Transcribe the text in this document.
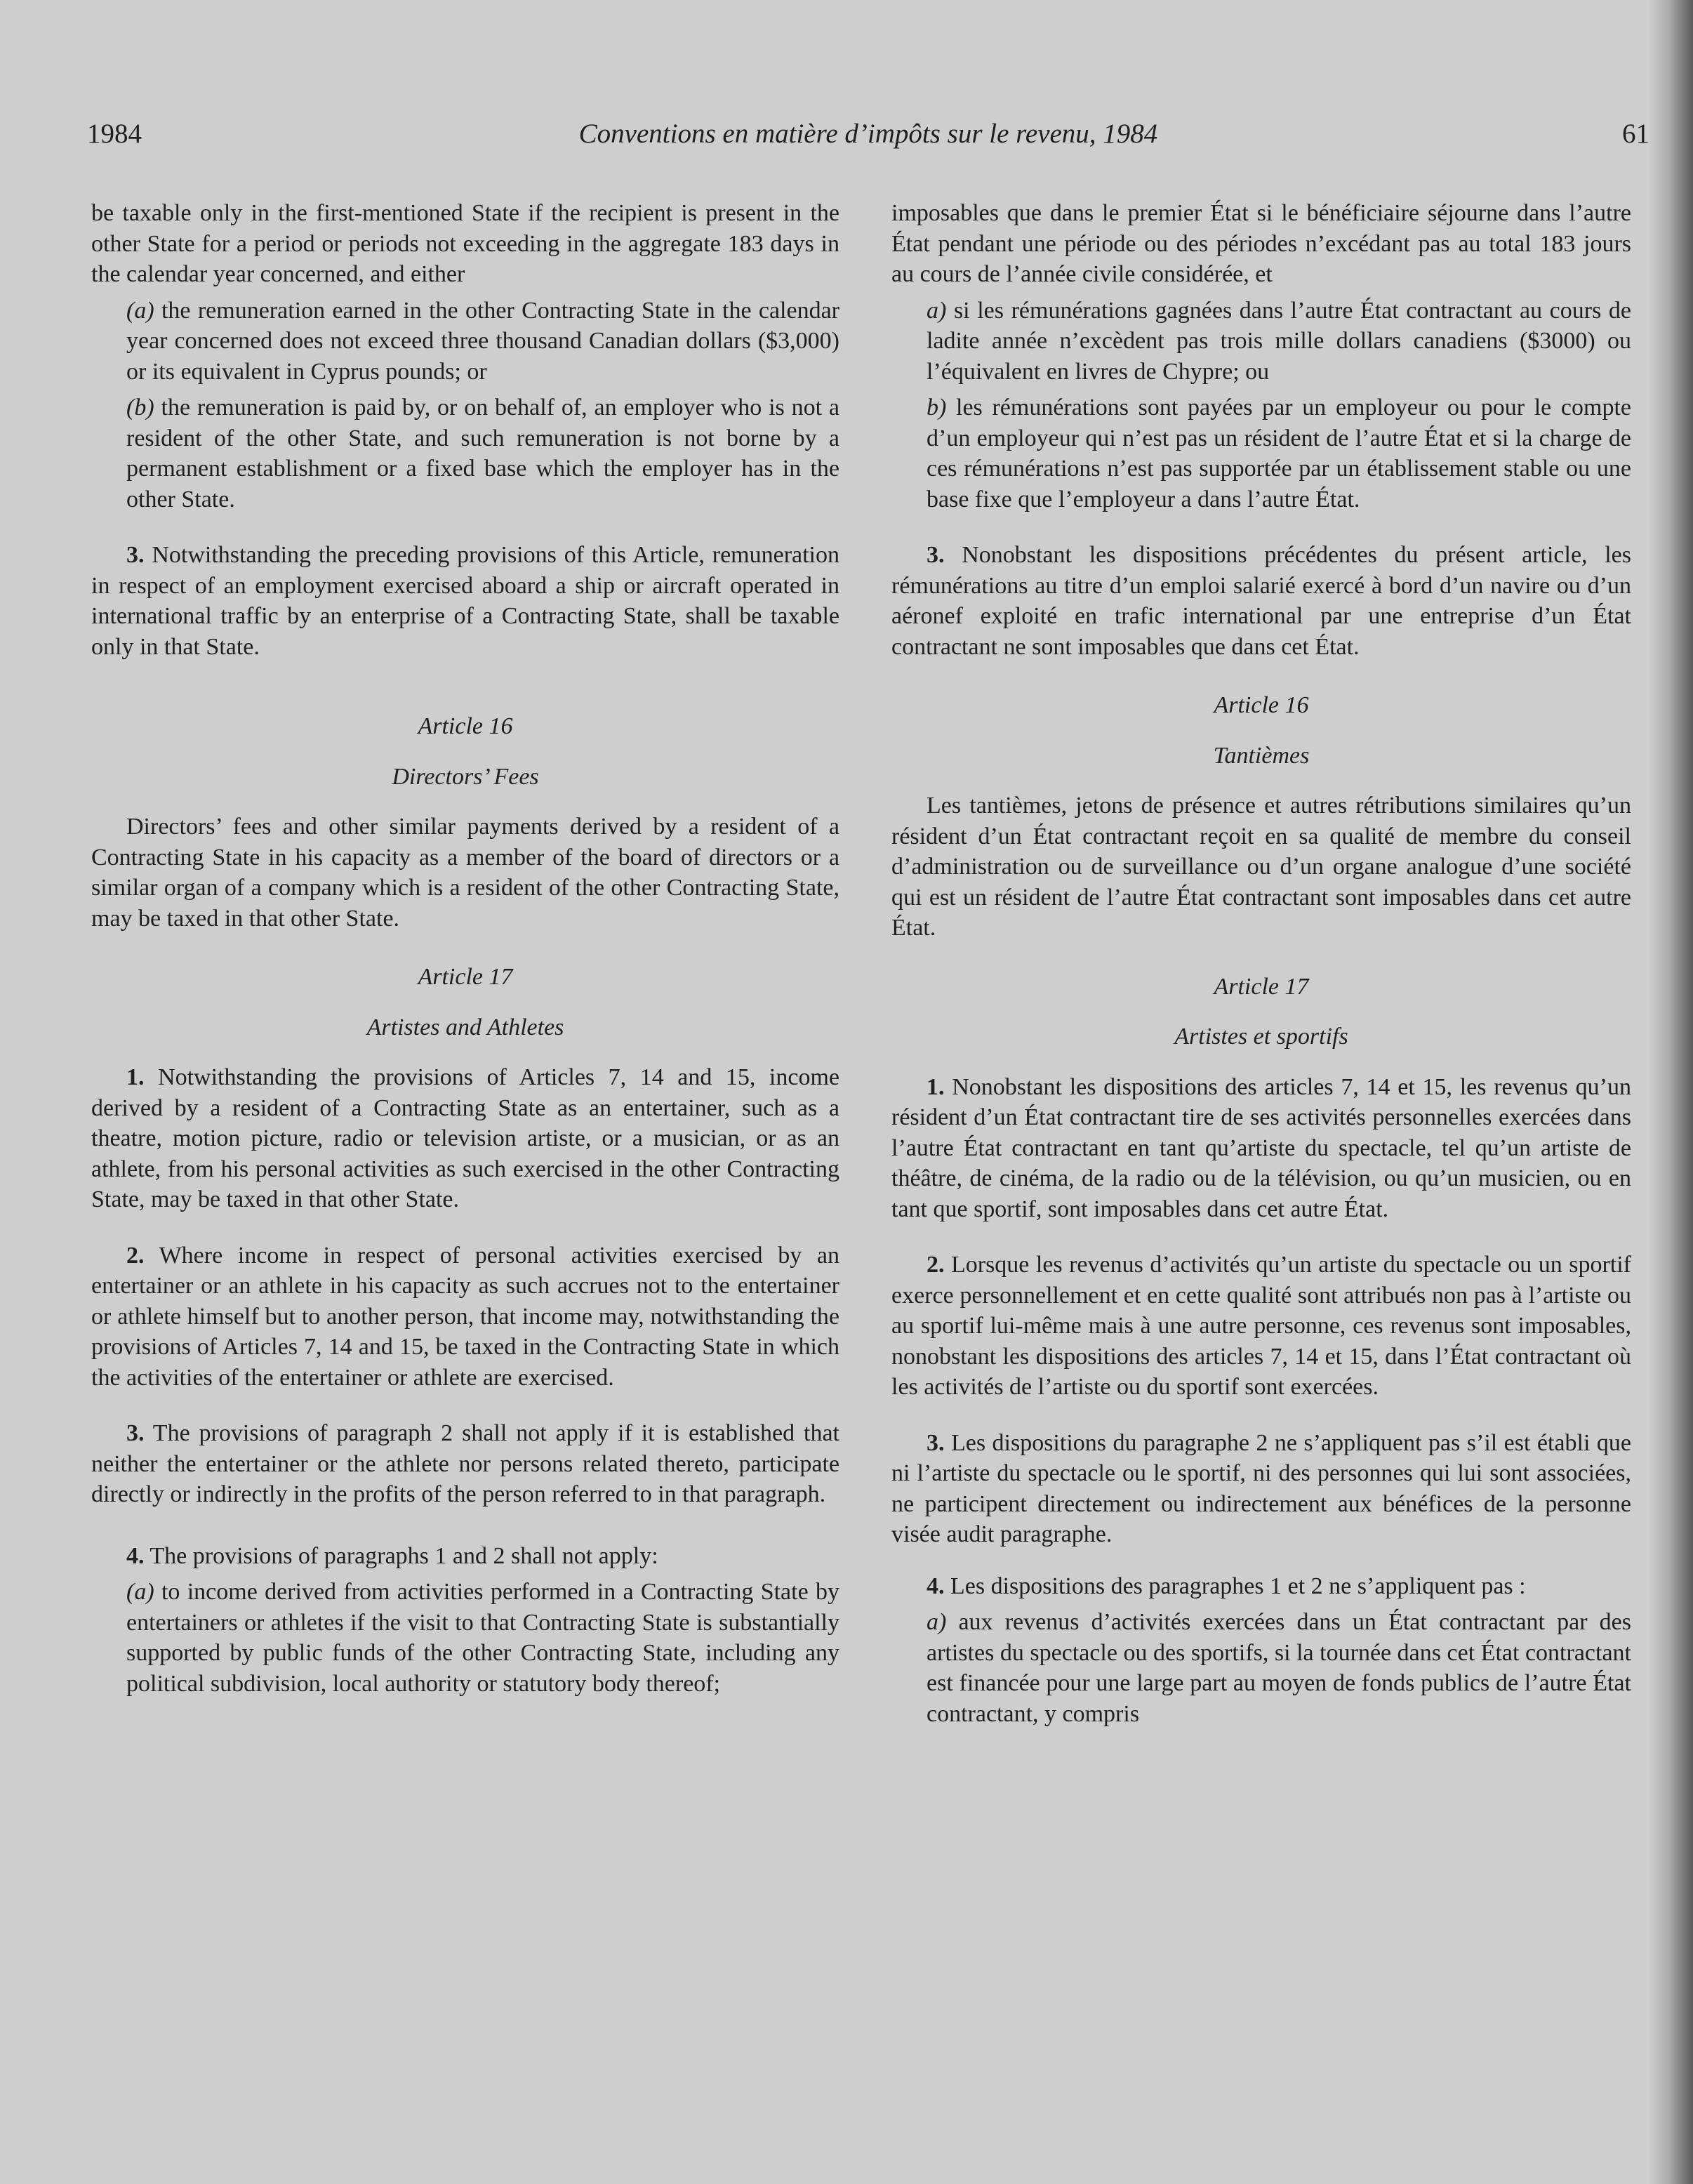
1984	Conventions en matière d’impôts sur le revenu, 1984	61

be taxable only in the first-mentioned State if the recipient is present in the other State for a period or periods not exceeding in the aggregate 183 days in the calendar year concerned, and either

(a) the remuneration earned in the other Contracting State in the calendar year concerned does not exceed three thousand Canadian dollars ($3,000) or its equivalent in Cyprus pounds; or

(b) the remuneration is paid by, or on behalf of, an employer who is not a resident of the other State, and such remuneration is not borne by a permanent establishment or a fixed base which the employer has in the other State.

3. Notwithstanding the preceding provisions of this Article, remuneration in respect of an employment exercised aboard a ship or aircraft operated in international traffic by an enterprise of a Contracting State, shall be taxable only in that State.

Article 16

Directors’ Fees

Directors’ fees and other similar payments derived by a resident of a Contracting State in his capacity as a member of the board of directors or a similar organ of a company which is a resident of the other Contracting State, may be taxed in that other State.

Article 17

Artistes and Athletes

1. Notwithstanding the provisions of Articles 7, 14 and 15, income derived by a resident of a Contracting State as an entertainer, such as a theatre, motion picture, radio or television artiste, or a musician, or as an athlete, from his personal activities as such exercised in the other Contracting State, may be taxed in that other State.

2. Where income in respect of personal activities exercised by an entertainer or an athlete in his capacity as such accrues not to the entertainer or athlete himself but to another person, that income may, notwithstanding the provisions of Articles 7, 14 and 15, be taxed in the Contracting State in which the activities of the entertainer or athlete are exercised.

3. The provisions of paragraph 2 shall not apply if it is established that neither the entertainer or the athlete nor persons related thereto, participate directly or indirectly in the profits of the person referred to in that paragraph.

4. The provisions of paragraphs 1 and 2 shall not apply:

(a) to income derived from activities performed in a Contracting State by entertainers or athletes if the visit to that Contracting State is substantially supported by public funds of the other Contracting State, including any political subdivision, local authority or statutory body thereof;

imposables que dans le premier État si le bénéficiaire séjourne dans l’autre État pendant une période ou des périodes n’excédant pas au total 183 jours au cours de l’année civile considérée, et

a) si les rémunérations gagnées dans l’autre État contractant au cours de ladite année n’excèdent pas trois mille dollars canadiens ($3000) ou l’équivalent en livres de Chypre; ou

b) les rémunérations sont payées par un employeur ou pour le compte d’un employeur qui n’est pas un résident de l’autre État et si la charge de ces rémunérations n’est pas supportée par un établissement stable ou une base fixe que l’employeur a dans l’autre État.

3. Nonobstant les dispositions précédentes du présent article, les rémunérations au titre d’un emploi salarié exercé à bord d’un navire ou d’un aéronef exploité en trafic international par une entreprise d’un État contractant ne sont imposables que dans cet État.

Article 16

Tantièmes

Les tantièmes, jetons de présence et autres rétributions similaires qu’un résident d’un État contractant reçoit en sa qualité de membre du conseil d’administration ou de surveillance ou d’un organe analogue d’une société qui est un résident de l’autre État contractant sont imposables dans cet autre État.

Article 17

Artistes et sportifs

1. Nonobstant les dispositions des articles 7, 14 et 15, les revenus qu’un résident d’un État contractant tire de ses activités personnelles exercées dans l’autre État contractant en tant qu’artiste du spectacle, tel qu’un artiste de théâtre, de cinéma, de la radio ou de la télévision, ou qu’un musicien, ou en tant que sportif, sont imposables dans cet autre État.

2. Lorsque les revenus d’activités qu’un artiste du spectacle ou un sportif exerce personnellement et en cette qualité sont attribués non pas à l’artiste ou au sportif lui-même mais à une autre personne, ces revenus sont imposables, nonobstant les dispositions des articles 7, 14 et 15, dans l’État contractant où les activités de l’artiste ou du sportif sont exercées.

3. Les dispositions du paragraphe 2 ne s’appliquent pas s’il est établi que ni l’artiste du spectacle ou le sportif, ni des personnes qui lui sont associées, ne participent directement ou indirectement aux bénéfices de la personne visée audit paragraphe.

4. Les dispositions des paragraphes 1 et 2 ne s’appliquent pas :

a) aux revenus d’activités exercées dans un État contractant par des artistes du spectacle ou des sportifs, si la tournée dans cet État contractant est financée pour une large part au moyen de fonds publics de l’autre État contractant, y compris
